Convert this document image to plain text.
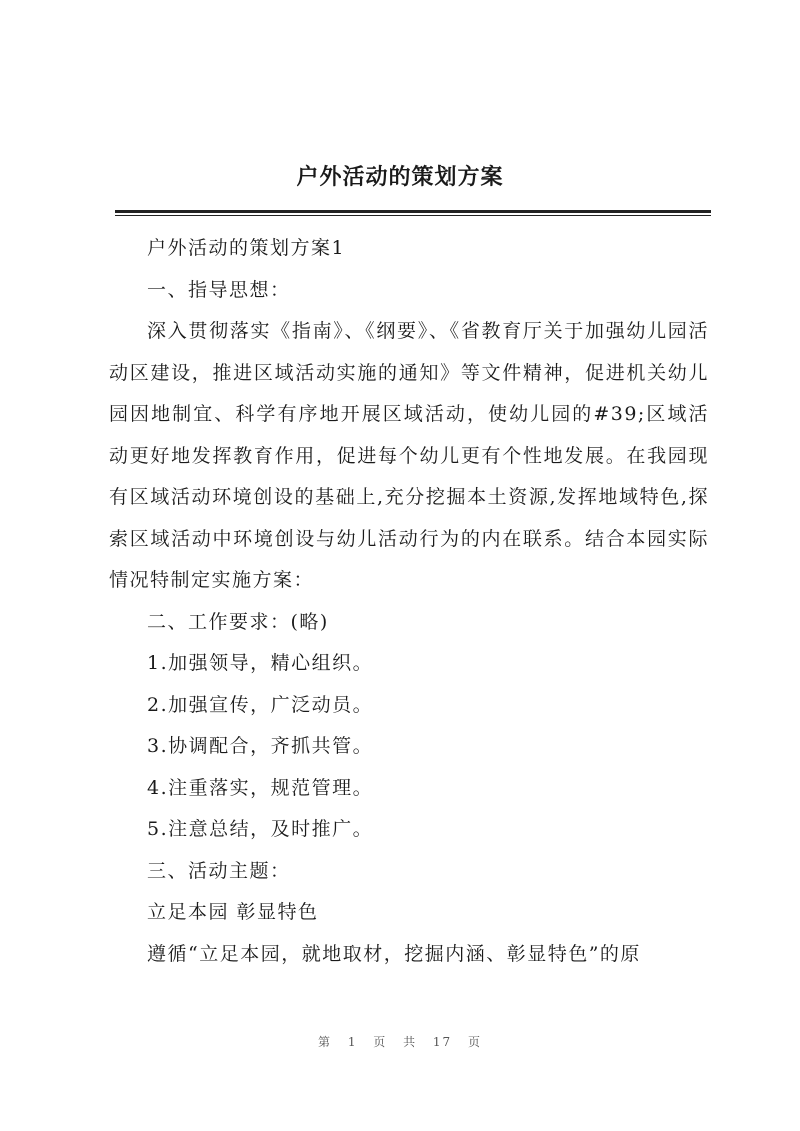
户外活动的策划方案

户外活动的策划方案1

一、指导思想：

深入贯彻落实《指南》、《纲要》、《省教育厅关于加强幼儿园活动区建设，推进区域活动实施的通知》等文件精神，促进机关幼儿园因地制宜、科学有序地开展区域活动，使幼儿园的#39;区域活动更好地发挥教育作用，促进每个幼儿更有个性地发展。在我园现有区域活动环境创设的基础上,充分挖掘本土资源,发挥地域特色,探索区域活动中环境创设与幼儿活动行为的内在联系。结合本园实际情况特制定实施方案：

二、工作要求：(略)

1.加强领导，精心组织。

2.加强宣传，广泛动员。

3.协调配合，齐抓共管。

4.注重落实，规范管理。

5.注意总结，及时推广。

三、活动主题：

立足本园 彰显特色

遵循“立足本园，就地取材，挖掘内涵、彰显特色”的原

第 1 页 共 17 页
